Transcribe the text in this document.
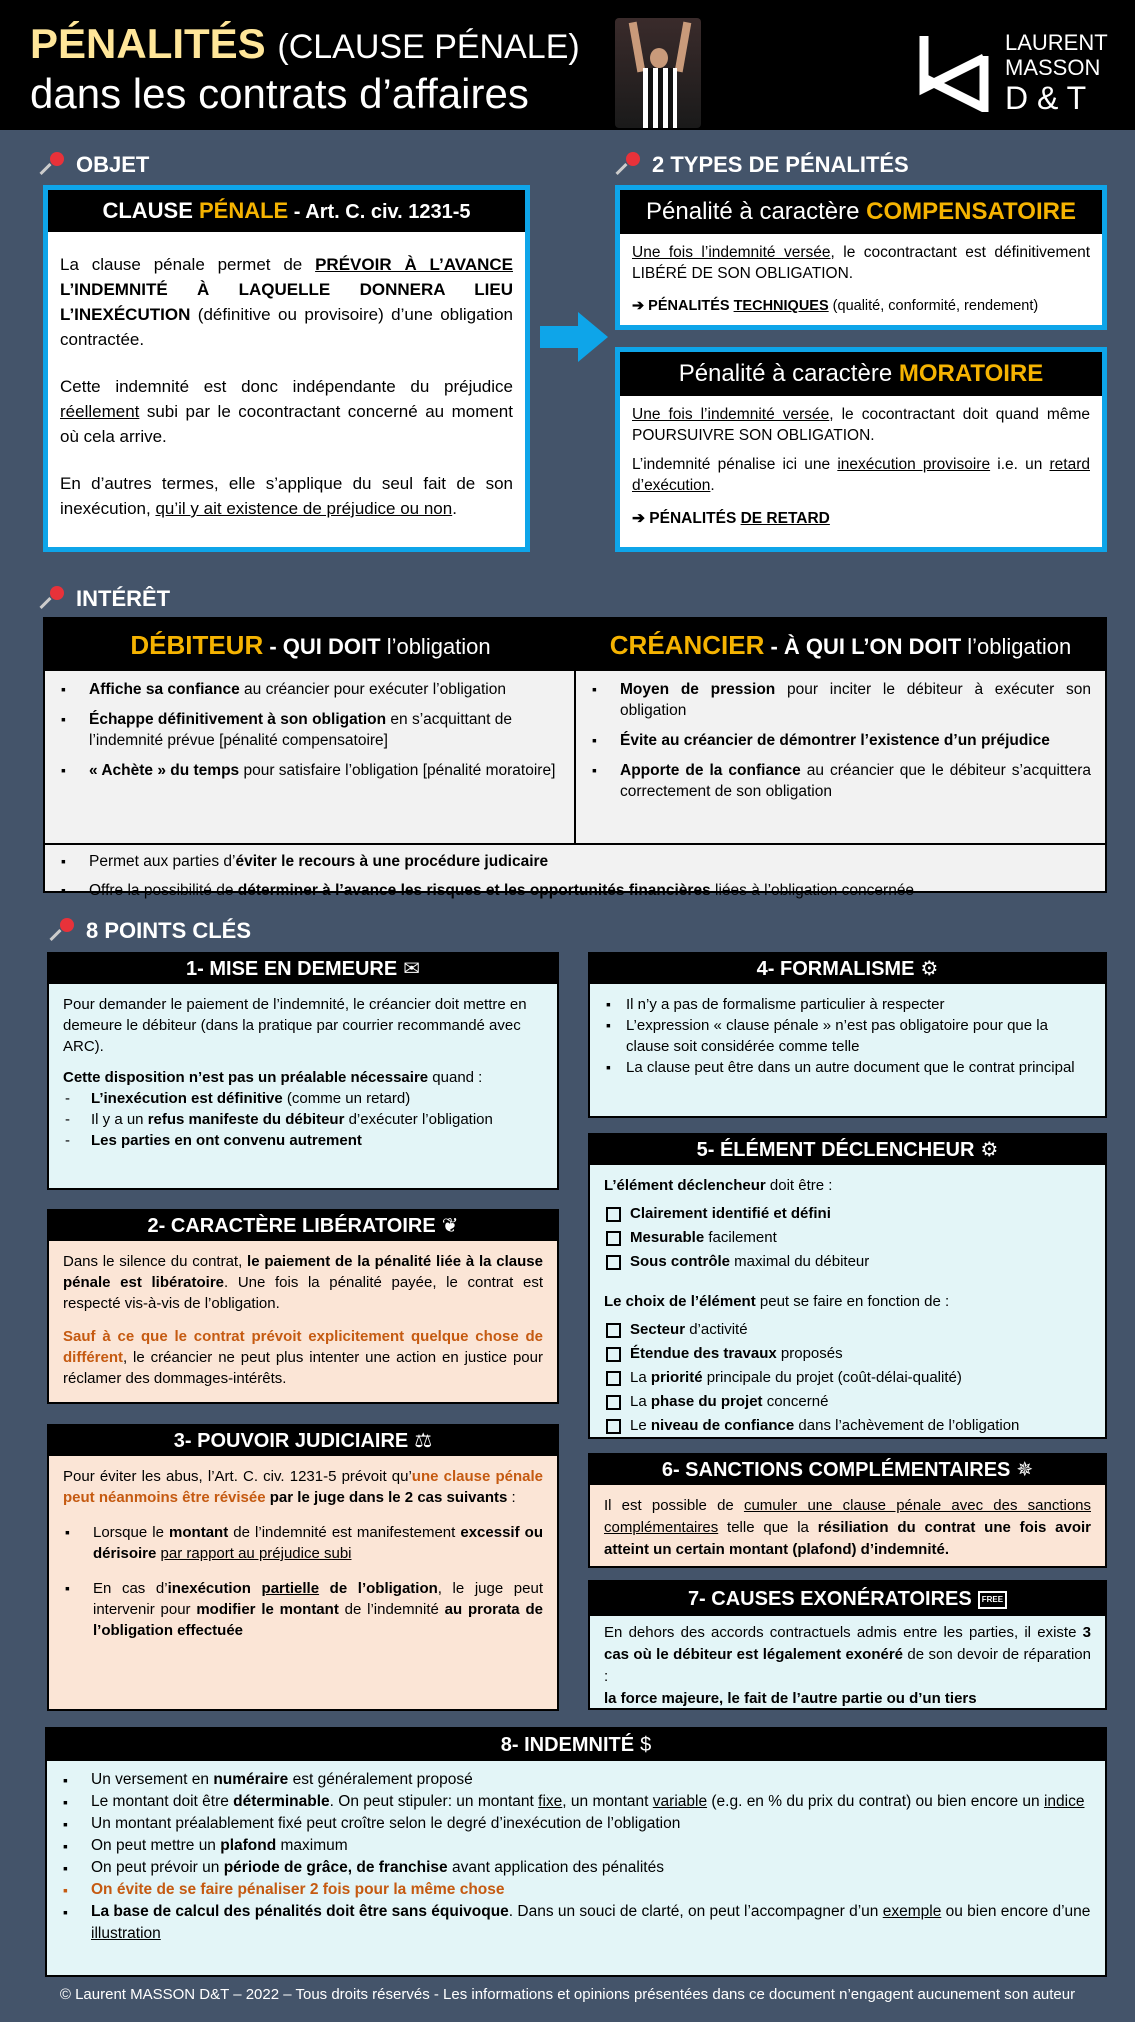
PÉNALITÉS (CLAUSE PÉNALE)
dans les contrats d’affaires
LAURENT
MASSON
D & T
OBJET
CLAUSE PÉNALE - Art. C. civ. 1231-5

La clause pénale permet de PRÉVOIR À L’AVANCE L’INDEMNITÉ À LAQUELLE DONNERA LIEU L’INEXÉCUTION (définitive ou provisoire) d’une obligation contractée.

Cette indemnité est donc indépendante du préjudice réellement subi par le cocontractant concerné au moment où cela arrive.

En d’autres termes, elle s’applique du seul fait de son inexécution, qu’il y ait existence de préjudice ou non.

2 TYPES DE PÉNALITÉS
Pénalité à caractère COMPENSATOIRE
Une fois l’indemnité versée, le cocontractant est définitivement LIBÉRÉ DE SON OBLIGATION.
➔ PÉNALITÉS TECHNIQUES (qualité, conformité, rendement)
Pénalité à caractère MORATOIRE
Une fois l’indemnité versée, le cocontractant doit quand même POURSUIVRE SON OBLIGATION.
L’indemnité pénalise ici une inexécution provisoire i.e. un retard d’exécution.
➔ PÉNALITÉS DE RETARD
INTÉRÊT
DÉBITEUR - QUI DOIT l’obligation	CRÉANCIER - À QUI L’ON DOIT l’obligation
▪ Affiche sa confiance au créancier pour exécuter l’obligation
▪ Échappe définitivement à son obligation en s’acquittant de l’indemnité prévue [pénalité compensatoire]
▪ « Achète » du temps pour satisfaire l’obligation [pénalité moratoire]
▪ Moyen de pression pour inciter le débiteur à exécuter son obligation
▪ Évite au créancier de démontrer l’existence d’un préjudice
▪ Apporte de la confiance au créancier que le débiteur s’acquittera correctement de son obligation
▪ Permet aux parties d’éviter le recours à une procédure judicaire
▪ Offre la possibilité de déterminer à l’avance les risques et les opportunités financières liées à l’obligation concernée
8 POINTS CLÉS
1- MISE EN DEMEURE ✉
Pour demander le paiement de l’indemnité, le créancier doit mettre en demeure le débiteur (dans la pratique par courrier recommandé avec ARC).
Cette disposition n’est pas un préalable nécessaire quand :
- L’inexécution est définitive (comme un retard)
- Il y a un refus manifeste du débiteur d’exécuter l’obligation
- Les parties en ont convenu autrement
2- CARACTÈRE LIBÉRATOIRE ❦
Dans le silence du contrat, le paiement de la pénalité liée à la clause pénale est libératoire. Une fois la pénalité payée, le contrat est respecté vis-à-vis de l’obligation.
Sauf à ce que le contrat prévoit explicitement quelque chose de différent, le créancier ne peut plus intenter une action en justice pour réclamer des dommages-intérêts.
3- POUVOIR JUDICIAIRE ⚖
Pour éviter les abus, l’Art. C. civ. 1231-5 prévoit qu’une clause pénale peut néanmoins être révisée par le juge dans le 2 cas suivants :
▪ Lorsque le montant de l’indemnité est manifestement excessif ou dérisoire par rapport au préjudice subi
▪ En cas d’inexécution partielle de l’obligation, le juge peut intervenir pour modifier le montant de l’indemnité au prorata de l’obligation effectuée
4- FORMALISME ⚙
▪ Il n’y a pas de formalisme particulier à respecter
▪ L’expression « clause pénale » n’est pas obligatoire pour que la clause soit considérée comme telle
▪ La clause peut être dans un autre document que le contrat principal
5- ÉLÉMENT DÉCLENCHEUR ⚙
L’élément déclencheur doit être :
Clairement identifié et défini
Mesurable facilement
Sous contrôle maximal du débiteur
Le choix de l’élément peut se faire en fonction de :
Secteur d’activité
Étendue des travaux proposés
La priorité principale du projet (coût-délai-qualité)
La phase du projet concerné
Le niveau de confiance dans l’achèvement de l’obligation
6- SANCTIONS COMPLÉMENTAIRES ✵
Il est possible de cumuler une clause pénale avec des sanctions complémentaires telle que la résiliation du contrat une fois avoir atteint un certain montant (plafond) d’indemnité.
7- CAUSES EXONÉRATOIRES FREE
En dehors des accords contractuels admis entre les parties, il existe 3 cas où le débiteur est légalement exonéré de son devoir de réparation :
la force majeure, le fait de l’autre partie ou d’un tiers
8- INDEMNITÉ $
▪ Un versement en numéraire est généralement proposé
▪ Le montant doit être déterminable. On peut stipuler: un montant fixe, un montant variable (e.g. en % du prix du contrat) ou bien encore un indice
▪ Un montant préalablement fixé peut croître selon le degré d’inexécution de l’obligation
▪ On peut mettre un plafond maximum
▪ On peut prévoir un période de grâce, de franchise avant application des pénalités
▪ On évite de se faire pénaliser 2 fois pour la même chose
▪ La base de calcul des pénalités doit être sans équivoque. Dans un souci de clarté, on peut l’accompagner d’un exemple ou bien encore d’une illustration
© Laurent MASSON D&T – 2022 – Tous droits réservés - Les informations et opinions présentées dans ce document n’engagent aucunement son auteur
